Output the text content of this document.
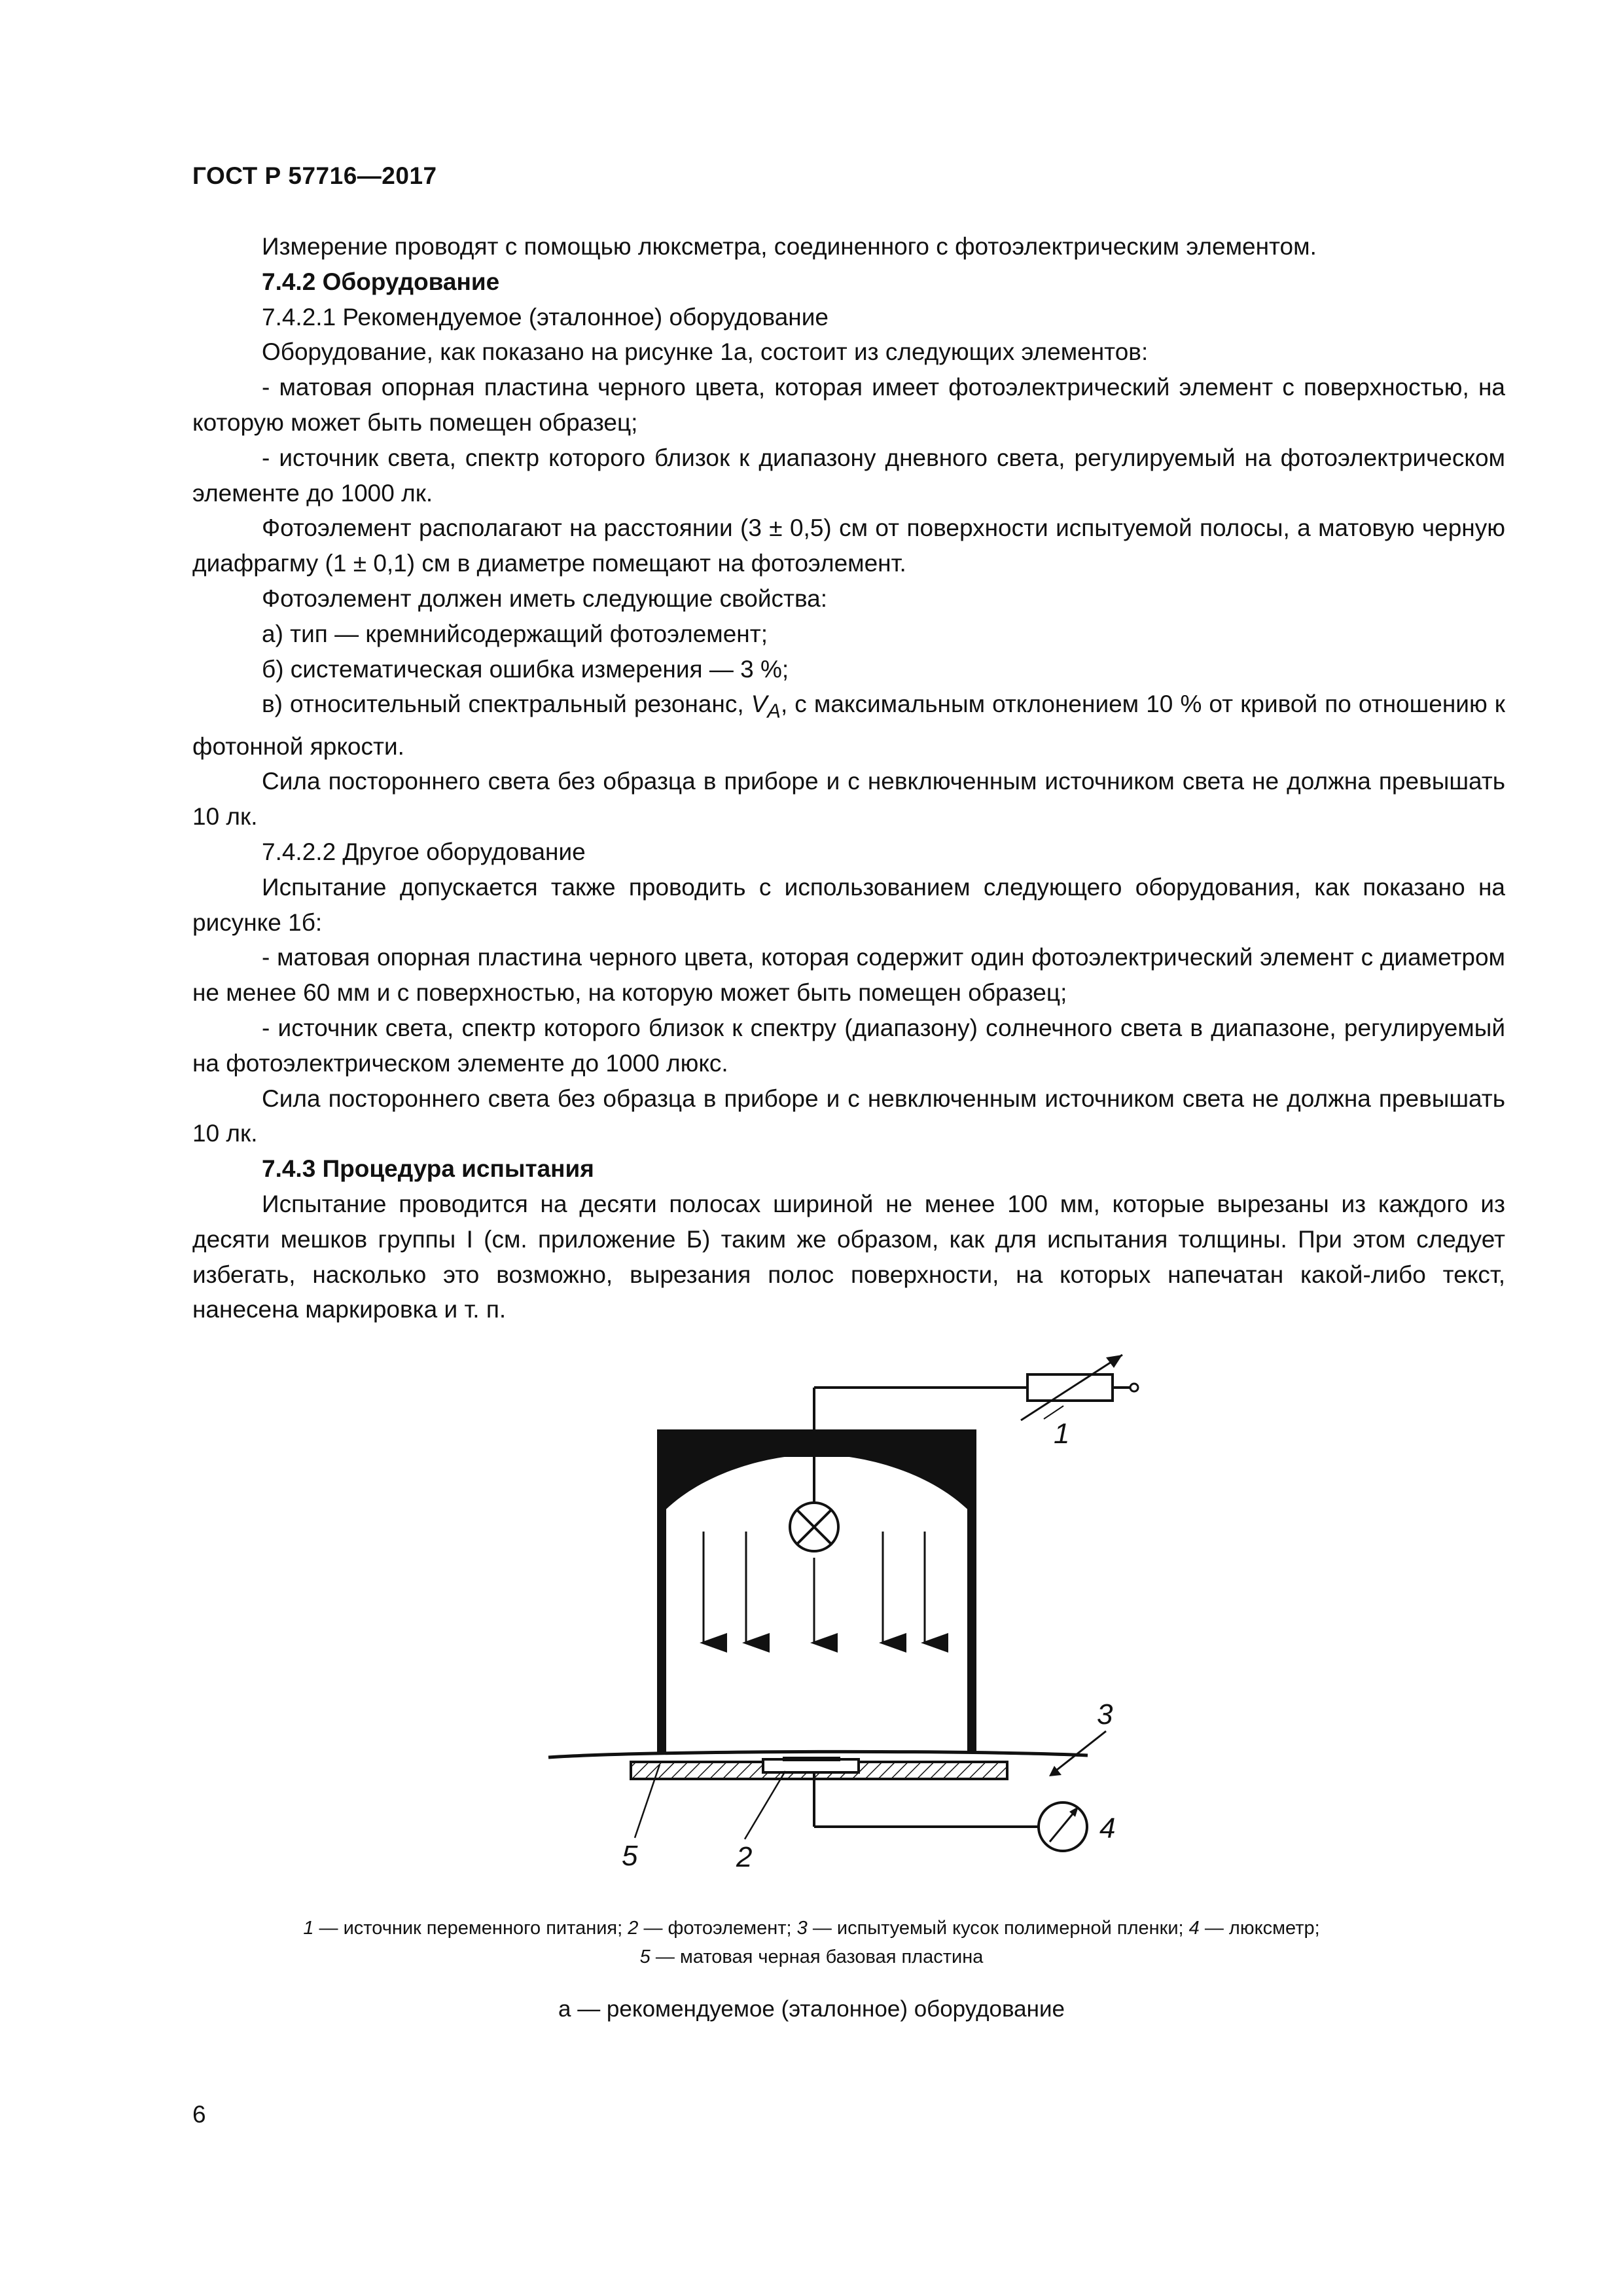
ГОСТ Р 57716—2017

Измерение проводят с помощью люксметра, соединенного с фотоэлектрическим элементом.

7.4.2 Оборудование

7.4.2.1 Рекомендуемое (эталонное) оборудование

Оборудование, как показано на рисунке 1а, состоит из следующих элементов:

- матовая опорная пластина черного цвета, которая имеет фотоэлектрический элемент с поверхностью, на которую может быть помещен образец;

- источник света, спектр которого близок к диапазону дневного света, регулируемый на фотоэлектрическом элементе до 1000 лк.

Фотоэлемент располагают на расстоянии (3 ± 0,5) см от поверхности испытуемой полосы, а матовую черную диафрагму (1 ± 0,1) см в диаметре помещают на фотоэлемент.

Фотоэлемент должен иметь следующие свойства:

а) тип — кремнийсодержащий фотоэлемент;

б) систематическая ошибка измерения — 3 %;

в) относительный спектральный резонанс, $V_A$, с максимальным отклонением 10 % от кривой по отношению к фотонной яркости.

Сила постороннего света без образца в приборе и с невключенным источником света не должна превышать 10 лк.

7.4.2.2 Другое оборудование

Испытание допускается также проводить с использованием следующего оборудования, как показано на рисунке 1б:

- матовая опорная пластина черного цвета, которая содержит один фотоэлектрический элемент с диаметром не менее 60 мм и с поверхностью, на которую может быть помещен образец;

- источник света, спектр которого близок к спектру (диапазону) солнечного света в диапазоне, регулируемый на фотоэлектрическом элементе до 1000 люкс.

Сила постороннего света без образца в приборе и с невключенным источником света не должна превышать 10 лк.

7.4.3 Процедура испытания

Испытание проводится на десяти полосах шириной не менее 100 мм, которые вырезаны из каждого из десяти мешков группы I (см. приложение Б) таким же образом, как для испытания толщины. При этом следует избегать, насколько это возможно, вырезания полос поверхности, на которых напечатан какой-либо текст, нанесена маркировка и т. п.

1
3
4
5	2
1 — источник переменного питания; 2 — фотоэлемент; 3 — испытуемый кусок полимерной пленки; 4 — люксметр;
5 — матовая черная базовая пластина
а — рекомендуемое (эталонное) оборудование
6
